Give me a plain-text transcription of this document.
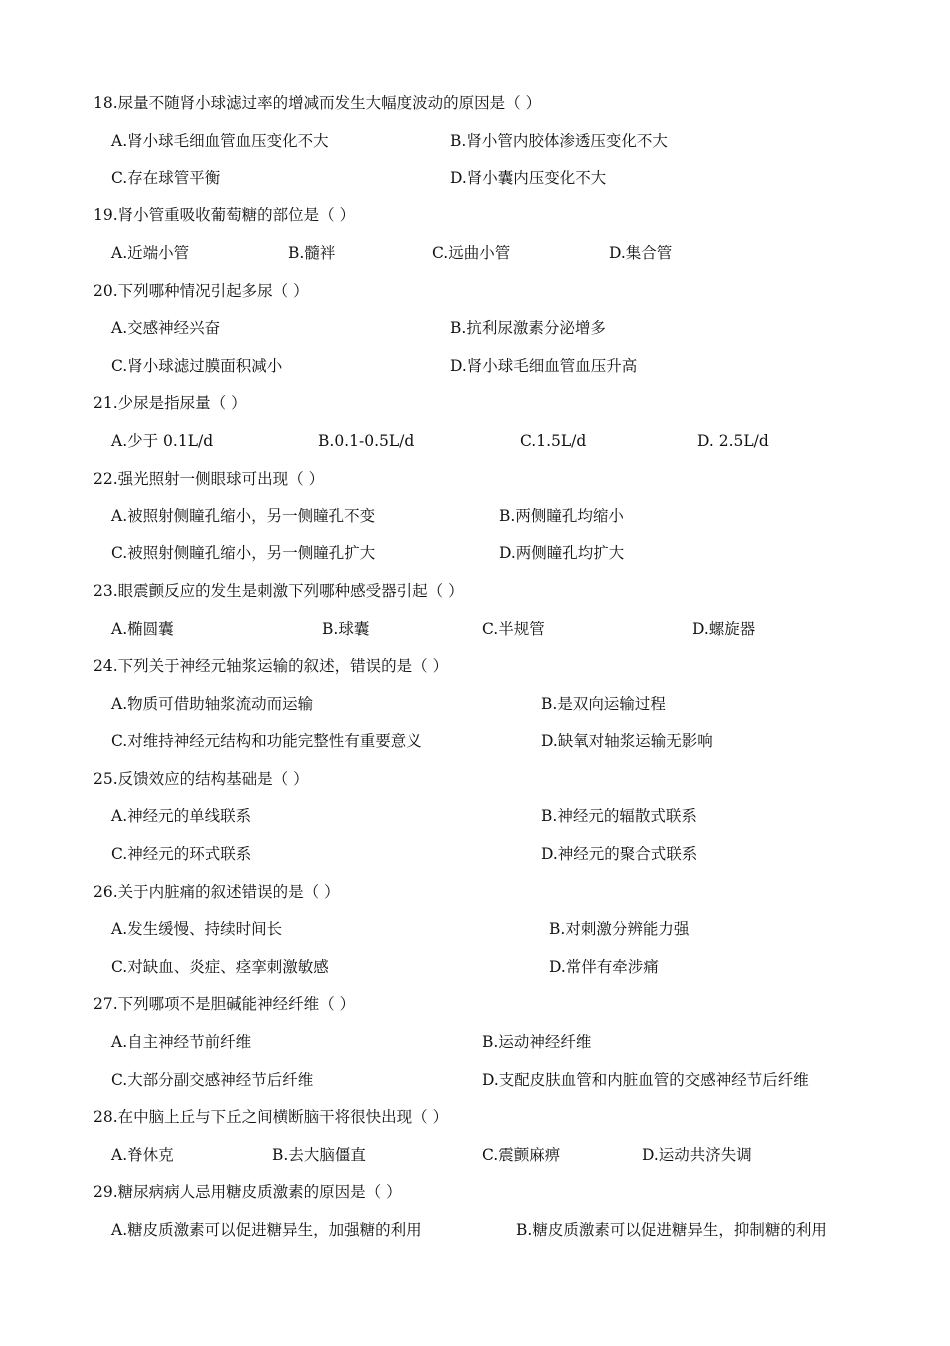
18.尿量不随肾小球滤过率的增减而发生大幅度波动的原因是（ ）
A.肾小球毛细血管血压变化不大	B.肾小管内胶体渗透压变化不大
C.存在球管平衡	D.肾小囊内压变化不大
19.肾小管重吸收葡萄糖的部位是（ ）
A.近端小管	B.髓袢	C.远曲小管	D.集合管
20.下列哪种情况引起多尿（ ）
A.交感神经兴奋	B.抗利尿激素分泌增多
C.肾小球滤过膜面积减小	D.肾小球毛细血管血压升高
21.少尿是指尿量（ ）
A.少于 0.1L/d	B.0.1-0.5L/d	C.1.5L/d	D. 2.5L/d
22.强光照射一侧眼球可出现（ ）
A.被照射侧瞳孔缩小，另一侧瞳孔不变	B.两侧瞳孔均缩小
C.被照射侧瞳孔缩小，另一侧瞳孔扩大	D.两侧瞳孔均扩大
23.眼震颤反应的发生是刺激下列哪种感受器引起（ ）
A.椭圆囊	B.球囊	C.半规管	D.螺旋器
24.下列关于神经元轴浆运输的叙述，错误的是（ ）
A.物质可借助轴浆流动而运输	B.是双向运输过程
C.对维持神经元结构和功能完整性有重要意义	D.缺氧对轴浆运输无影响
25.反馈效应的结构基础是（ ）
A.神经元的单线联系	B.神经元的辐散式联系
C.神经元的环式联系	D.神经元的聚合式联系
26.关于内脏痛的叙述错误的是（ ）
A.发生缓慢、持续时间长	B.对刺激分辨能力强
C.对缺血、炎症、痉挛刺激敏感	D.常伴有牵涉痛
27.下列哪项不是胆碱能神经纤维（ ）
A.自主神经节前纤维	B.运动神经纤维
C.大部分副交感神经节后纤维	D.支配皮肤血管和内脏血管的交感神经节后纤维
28.在中脑上丘与下丘之间横断脑干将很快出现（ ）
A.脊休克	B.去大脑僵直	C.震颤麻痹	D.运动共济失调
29.糖尿病病人忌用糖皮质激素的原因是（ ）
A.糖皮质激素可以促进糖异生，加强糖的利用	B.糖皮质激素可以促进糖异生，抑制糖的利用
